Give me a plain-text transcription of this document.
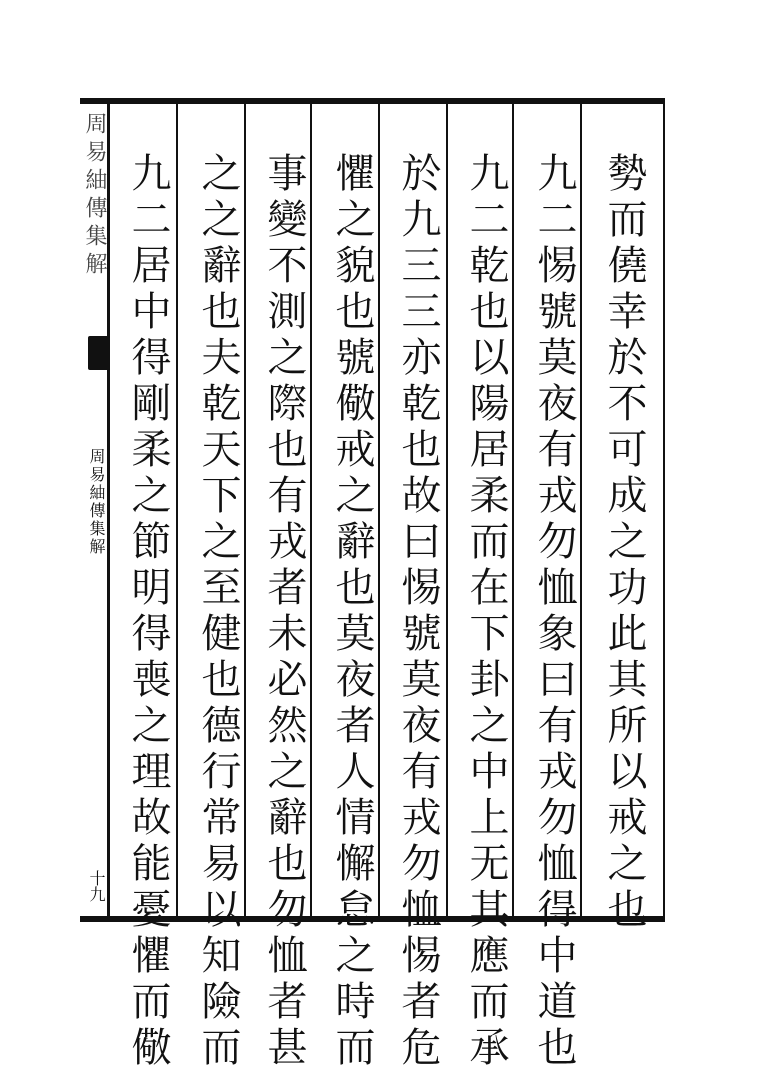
周易紬傳集解
周易紬傳集解
十九	勢而僥幸於不可成之功此其所以戒之也
九二惕號莫夜有戎勿恤象曰有戎勿恤得中道也
九二乾也以陽居柔而在下卦之中上无其應而承
於九三三亦乾也故曰惕號莫夜有戎勿恤惕者危
懼之貌也號儆戒之辭也莫夜者人情懈怠之時而
事變不測之際也有戎者未必然之辭也勿恤者甚
之之辭也夫乾天下之至健也德行常易以知險而
九二居中得剛柔之節明得喪之理故能憂懼而儆
